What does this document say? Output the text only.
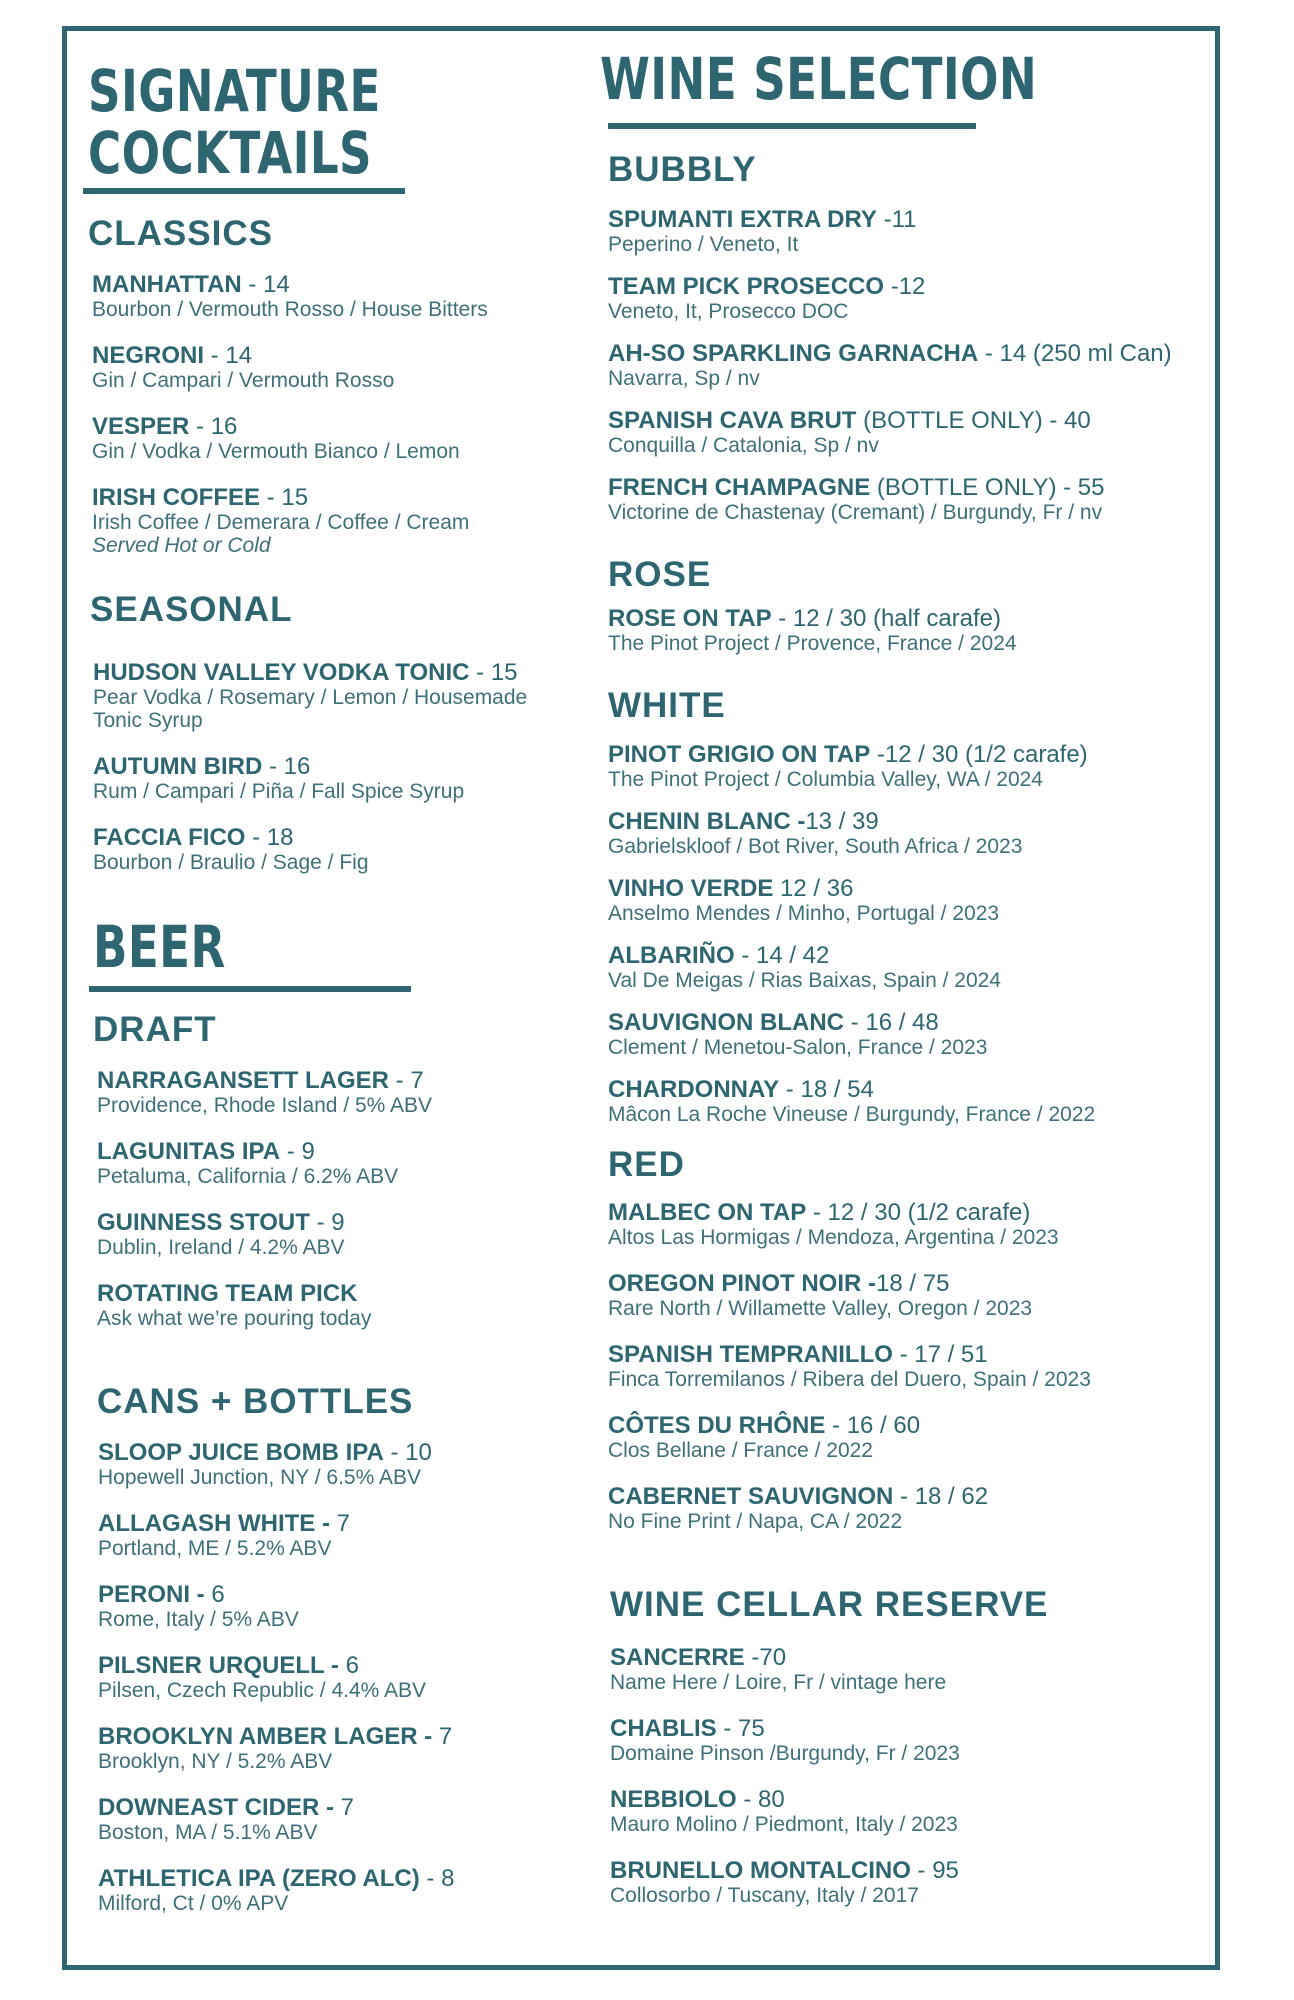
SIGNATURE
COCKTAILS
CLASSICS
MANHATTAN - 14
Bourbon / Vermouth Rosso / House Bitters
NEGRONI - 14
Gin / Campari / Vermouth Rosso
VESPER - 16
Gin / Vodka / Vermouth Bianco / Lemon
IRISH COFFEE - 15
Irish Coffee / Demerara / Coffee / Cream
Served Hot or Cold
SEASONAL
HUDSON VALLEY VODKA TONIC - 15
Pear Vodka / Rosemary / Lemon / Housemade
Tonic Syrup
AUTUMN BIRD - 16
Rum / Campari / Piña / Fall Spice Syrup
FACCIA FICO - 18
Bourbon / Braulio / Sage / Fig
BEER
DRAFT
NARRAGANSETT LAGER - 7
Providence, Rhode Island / 5% ABV
LAGUNITAS IPA - 9
Petaluma, California / 6.2% ABV
GUINNESS STOUT - 9
Dublin, Ireland / 4.2% ABV
ROTATING TEAM PICK
Ask what we’re pouring today
CANS + BOTTLES
SLOOP JUICE BOMB IPA - 10
Hopewell Junction, NY / 6.5% ABV
ALLAGASH WHITE - 7
Portland, ME / 5.2% ABV
PERONI - 6
Rome, Italy / 5% ABV
PILSNER URQUELL - 6
Pilsen, Czech Republic / 4.4% ABV
BROOKLYN AMBER LAGER - 7
Brooklyn, NY / 5.2% ABV
DOWNEAST CIDER - 7
Boston, MA / 5.1% ABV
ATHLETICA IPA (ZERO ALC) - 8
Milford, Ct / 0% APV
WINE SELECTION
BUBBLY
SPUMANTI EXTRA DRY -11
Peperino / Veneto, It
TEAM PICK PROSECCO -12
Veneto, It, Prosecco DOC
AH-SO SPARKLING GARNACHA - 14 (250 ml Can)
Navarra, Sp / nv
SPANISH CAVA BRUT (BOTTLE ONLY) - 40
Conquilla / Catalonia, Sp / nv
FRENCH CHAMPAGNE (BOTTLE ONLY) - 55
Victorine de Chastenay (Cremant) / Burgundy, Fr / nv
ROSE
ROSE ON TAP - 12 / 30 (half carafe)
The Pinot Project / Provence, France / 2024
WHITE
PINOT GRIGIO ON TAP -12 / 30 (1/2 carafe)
The Pinot Project / Columbia Valley, WA / 2024
CHENIN BLANC -13 / 39
Gabrielskloof / Bot River, South Africa / 2023
VINHO VERDE 12 / 36
Anselmo Mendes / Minho, Portugal / 2023
ALBARIÑO - 14 / 42
Val De Meigas / Rias Baixas, Spain / 2024
SAUVIGNON BLANC - 16 / 48
Clement / Menetou-Salon, France / 2023
CHARDONNAY - 18 / 54
Mâcon La Roche Vineuse / Burgundy, France / 2022
RED
MALBEC ON TAP - 12 / 30 (1/2 carafe)
Altos Las Hormigas / Mendoza, Argentina / 2023
OREGON PINOT NOIR -18 / 75
Rare North / Willamette Valley, Oregon / 2023
SPANISH TEMPRANILLO - 17 / 51
Finca Torremilanos / Ribera del Duero, Spain / 2023
CÔTES DU RHÔNE - 16 / 60
Clos Bellane / France / 2022
CABERNET SAUVIGNON - 18 / 62
No Fine Print / Napa, CA / 2022
WINE CELLAR RESERVE
SANCERRE -70
Name Here / Loire, Fr / vintage here
CHABLIS - 75
Domaine Pinson /Burgundy, Fr / 2023
NEBBIOLO - 80
Mauro Molino / Piedmont, Italy / 2023
BRUNELLO MONTALCINO - 95
Collosorbo / Tuscany, Italy / 2017
